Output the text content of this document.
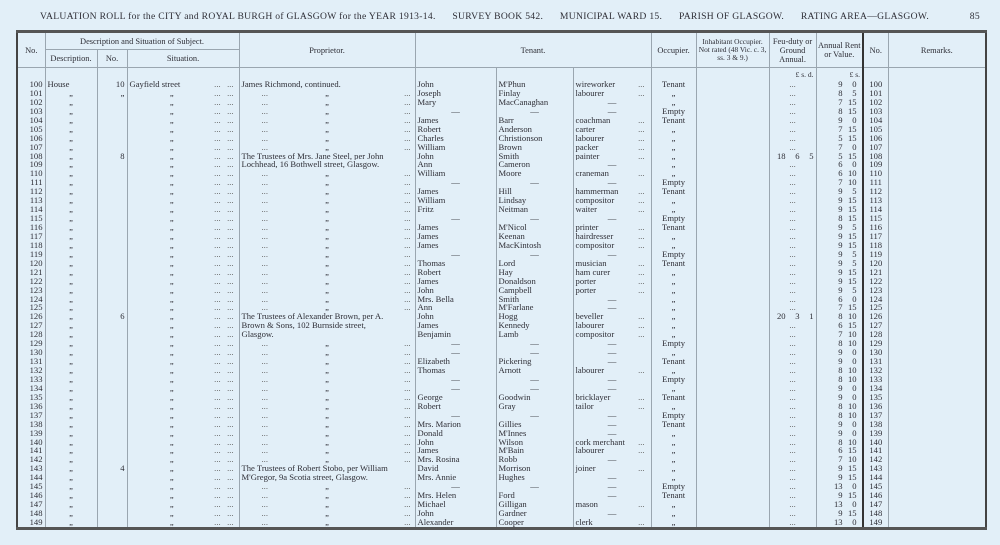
VALUATION ROLL for the CITY and ROYAL BURGH of GLASGOW for the YEAR 1913-14. SURVEY BOOK 542. MUNICIPAL WARD 15. PARISH OF GLASGOW. RATING AREA—GLASGOW.	85
No.	Description and Situation of Subject.			Proprietor.	Tenant.			Occupier.	Inhabitant Occupier. Not rated (48 Vic. c. 3, ss. 3 & 9.)	Feu-duty or Ground Annual.	Annual Rent or Value.	No.	Remarks.
	Description.	No.	Situation.										
										£ s. d.	£ s.		
100	House	10	Gayfield street ...	James Richmond, continued.	John	M'Phun	wireworker ...	Tenant		...	9 0	100	
101	„	„	„ ...	... „ ...	Joseph	Finlay	labourer ...	„		...	8 5	101	
102	„		„ ...	... „ ...	Mary	MacCanaghan	—	„		...	7 15	102	
103	„		„ ...	... „ ...	—	—	—	Empty		...	8 15	103	
104	„		„ ...	... „ ...	James	Barr	coachman ...	Tenant		...	9 0	104	
105	„		„ ...	... „ ...	Robert	Anderson	carter ...	„		...	7 15	105	
106	„		„ ...	... „ ...	Charles	Christionson	labourer ...	„		...	5 15	106	
107	„		„ ...	... „ ...	William	Brown	packer ...	„		...	7 0	107	
108	„	8	„ ...	The Trustees of Mrs. Jane Steel, per John	John	Smith	painter ...	„		18 6 5	5 15	108	
109	„		„ ...	Lochhead, 16 Bothwell street, Glasgow.	Ann	Cameron	—	„		...	6 0	109	
110	„		„ ...	... „ ...	William	Moore	craneman ...	„		...	6 10	110	
111	„		„ ...	... „ ...	—	—	—	Empty		...	7 10	111	
112	„		„ ...	... „ ...	James	Hill	hammerman ...	Tenant		...	9 5	112	
113	„		„ ...	... „ ...	William	Lindsay	compositor ...	„		...	9 15	113	
114	„		„ ...	... „ ...	Fritz	Neitman	waiter ...	„		...	9 15	114	
115	„		„ ...	... „ ...	—	—	—	Empty		...	8 15	115	
116	„		„ ...	... „ ...	James	M'Nicol	printer ...	Tenant		...	9 5	116	
117	„		„ ...	... „ ...	James	Keenan	hairdresser ...	„		...	9 15	117	
118	„		„ ...	... „ ...	James	MacKintosh	compositor ...	„		...	9 15	118	
119	„		„ ...	... „ ...	—	—	—	Empty		...	9 5	119	
120	„		„ ...	... „ ...	Thomas	Lord	musician ...	Tenant		...	9 5	120	
121	„		„ ...	... „ ...	Robert	Hay	ham curer ...	„		...	9 15	121	
122	„		„ ...	... „ ...	James	Donaldson	porter ...	„		...	9 15	122	
123	„		„ ...	... „ ...	John	Campbell	porter ...	„		...	9 5	123	
124	„		„ ...	... „ ...	Mrs. Bella	Smith	—	„		...	6 0	124	
125	„		„ ...	... „ ...	Ann	M'Farlane	—	„		...	7 15	125	
126	„	6	„ ...	The Trustees of Alexander Brown, per A.	John	Hogg	beveller ...	„		20 3 1	8 10	126	
127	„		„ ...	Brown & Sons, 102 Burnside street,	James	Kennedy	labourer ...	„		...	6 15	127	
128	„		„ ...	Glasgow.	Benjamin	Lamb	compositor ...	„		...	7 10	128	
129	„		„ ...	... „ ...	—	—	—	Empty		...	8 10	129	
130	„		„ ...	... „ ...	—	—	—	„		...	9 0	130	
131	„		„ ...	... „ ...	Elizabeth	Pickering	—	Tenant		...	9 0	131	
132	„		„ ...	... „ ...	Thomas	Arnott	labourer ...	„		...	8 10	132	
133	„		„ ...	... „ ...	—	—	—	Empty		...	8 10	133	
134	„		„ ...	... „ ...	—	—	—	„		...	9 0	134	
135	„		„ ...	... „ ...	George	Goodwin	bricklayer ...	Tenant		...	9 0	135	
136	„		„ ...	... „ ...	Robert	Gray	tailor ...	„		...	8 10	136	
137	„		„ ...	... „ ...	—	—	—	Empty		...	8 10	137	
138	„		„ ...	... „ ...	Mrs. Marion	Gillies	—	Tenant		...	9 0	138	
139	„		„ ...	... „ ...	Donald	M'Innes	—	„		...	9 0	139	
140	„		„ ...	... „ ...	John	Wilson	cork merchant ...	„		...	8 10	140	
141	„		„ ...	... „ ...	James	M'Bain	labourer ...	„		...	6 15	141	
142	„		„ ...	... „ ...	Mrs. Rosina	Robb	—	„		...	7 10	142	
143	„	4	„ ...	The Trustees of Robert Stobo, per William	David	Morrison	joiner ...	„		...	9 15	143	
144	„		„ ...	M'Gregor, 9a Scotia street, Glasgow.	Mrs. Annie	Hughes	—	„		...	9 15	144	
145	„		„ ...	... „ ...	—	—	—	Empty		...	13 0	145	
146	„		„ ...	... „ ...	Mrs. Helen	Ford	—	Tenant		...	9 15	146	
147	„		„ ...	... „ ...	Michael	Gilligan	mason ...	„		...	13 0	147	
148	„		„ ...	... „ ...	John	Gardner	—	„		...	9 15	148	
149	„		„ ...	... „ ...	Alexander	Cooper	clerk ...	„		...	13 0	149	
